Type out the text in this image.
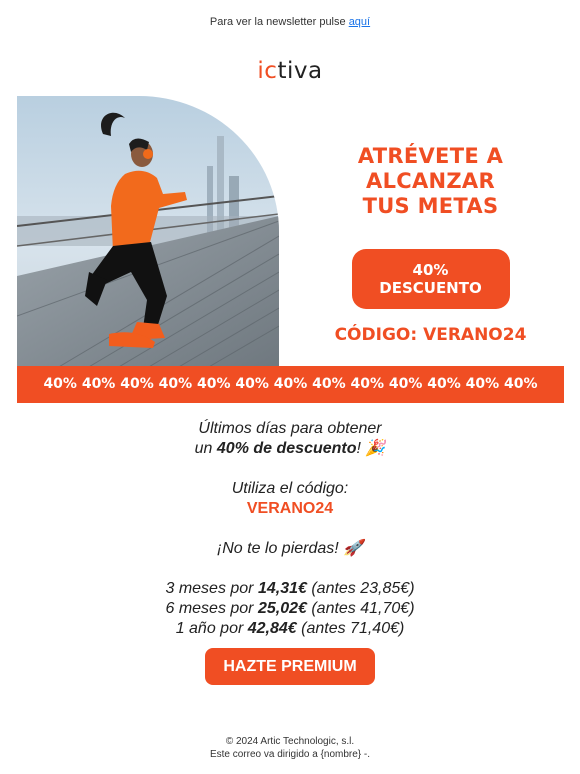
Para ver la newsletter pulse aquí
ictiva
ATRÉVETE A
ALCANZAR
TUS METAS
40% DESCUENTO
CÓDIGO: VERANO24
40% 40% 40% 40% 40% 40% 40% 40% 40% 40% 40% 40% 40%
Últimos días para obtener
un 40% de descuento! 🎉
Utiliza el código:
VERANO24
¡No te lo pierdas! 🚀
3 meses por 14,31€ (antes 23,85€)
6 meses por 25,02€ (antes 41,70€)
1 año por 42,84€ (antes 71,40€)
HAZTE PREMIUM
© 2024 Artic Technologic, s.l.
Este correo va dirigido a {nombre} -.
